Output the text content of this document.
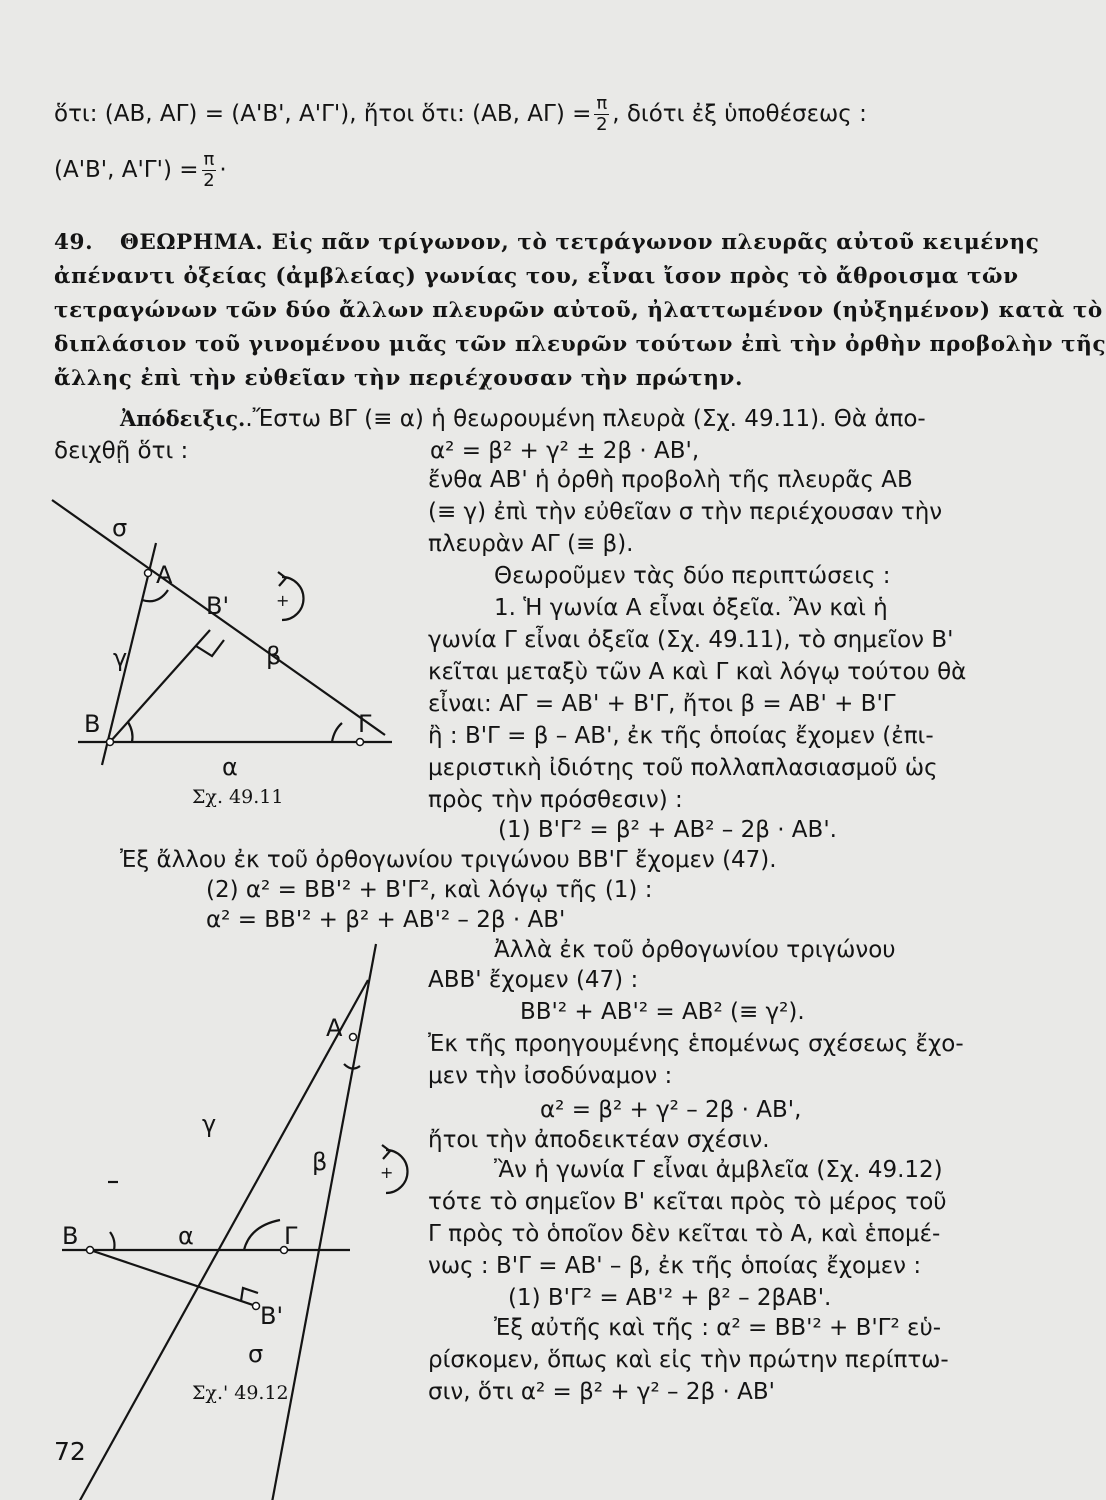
ὅτι: (ΑΒ, ΑΓ) = (Α'Β', Α'Γ'), ἤτοι ὅτι: (ΑΒ, $A\Gamma) = \frac{\pi}{2}$ , διότι ἐξ ὑποθέσεως :
(Α'Β', $A'\Gamma') = \frac{\pi}{2}$ ·
49. ΘΕΩΡΗΜΑ. Εἰς πᾶν τρίγωνον, τὸ τετράγωνον πλευρᾶς αὐτοῦ κειμένης
ἀπέναντι ὀξείας (ἀμβλείας) γωνίας του, εἶναι ἴσον πρὸς τὸ ἄθροισμα τῶν
τετραγώνων τῶν δύο ἄλλων πλευρῶν αὐτοῦ, ἠλαττωμένον (ηὐξημένον) κατὰ τὸ
διπλάσιον τοῦ γινομένου μιᾶς τῶν πλευρῶν τούτων ἐπὶ τὴν ὀρθὴν προβολὴν τῆς
ἄλλης ἐπὶ τὴν εὐθεῖαν τὴν περιέχουσαν τὴν πρώτην.
Ἀπόδειξις..Ἔστω ΒΓ (≡ α) ἡ θεωρουμένη πλευρὰ (Σχ. 49.11). Θὰ ἀπο-
δειχθῇ ὅτι :	α² = β² + γ² ± 2β · ΑΒ',
ἔνθα ΑΒ' ἡ ὀρθὴ προβολὴ τῆς πλευρᾶς ΑΒ
(≡ γ) ἐπὶ τὴν εὐθεῖαν σ τὴν περιέχουσαν τὴν
πλευρὰν ΑΓ (≡ β).
Θεωροῦμεν τὰς δύο περιπτώσεις :
1. Ἡ γωνία Α εἶναι ὀξεῖα. Ἂν καὶ ἡ
γωνία Γ εἶναι ὀξεῖα (Σχ. 49.11), τὸ σημεῖον Β'
κεῖται μεταξὺ τῶν Α καὶ Γ καὶ λόγῳ τούτου θὰ
εἶναι: ΑΓ = ΑΒ' + Β'Γ, ἤτοι β = ΑΒ' + Β'Γ
ἢ : Β'Γ = β – ΑΒ', ἐκ τῆς ὁποίας ἔχομεν (ἐπι-
μεριστικὴ ἰδιότης τοῦ πολλαπλασιασμοῦ ὡς
πρὸς τὴν πρόσθεσιν) :
(1) Β'Γ² = β² + ΑΒ² – 2β · ΑΒ'.
Ἐξ ἄλλου ἐκ τοῦ ὀρθογωνίου τριγώνου ΒΒ'Γ ἔχομεν (47).
(2) α² = ΒΒ'² + Β'Γ², καὶ λόγῳ τῆς (1) :
α² = ΒΒ'² + β² + ΑΒ'² – 2β · ΑΒ'
Ἀλλὰ ἐκ τοῦ ὀρθογωνίου τριγώνου
ΑΒΒ' ἔχομεν (47) :
ΒΒ'² + ΑΒ'² = ΑΒ² (≡ γ²).
Ἐκ τῆς προηγουμένης ἑπομένως σχέσεως ἔχο-
μεν τὴν ἰσοδύναμον :
α² = β² + γ² – 2β · ΑΒ',
ἤτοι τὴν ἀποδεικτέαν σχέσιν.
Ἂν ἡ γωνία Γ εἶναι ἀμβλεῖα (Σχ. 49.12)
τότε τὸ σημεῖον Β' κεῖται πρὸς τὸ μέρος τοῦ
Γ πρὸς τὸ ὁποῖον δὲν κεῖται τὸ Α, καὶ ἑπομέ-
νως : Β'Γ = ΑΒ' – β, ἐκ τῆς ὁποίας ἔχομεν :
(1) Β'Γ² = ΑΒ'² + β² – 2βΑΒ'.
Ἐξ αὐτῆς καὶ τῆς : α² = ΒΒ'² + Β'Γ² εὑ-
ρίσκομεν, ὅπως καὶ εἰς τὴν πρώτην περίπτω-
σιν, ὅτι α² = β² + γ² – 2β · ΑΒ'
σ
Α
Β'	+
γ	β
Β	Γ
α
Σχ. 49.11
Α
γ
β	+
Β	α	Γ
Β'
σ
Σχ.' 49.12
72
